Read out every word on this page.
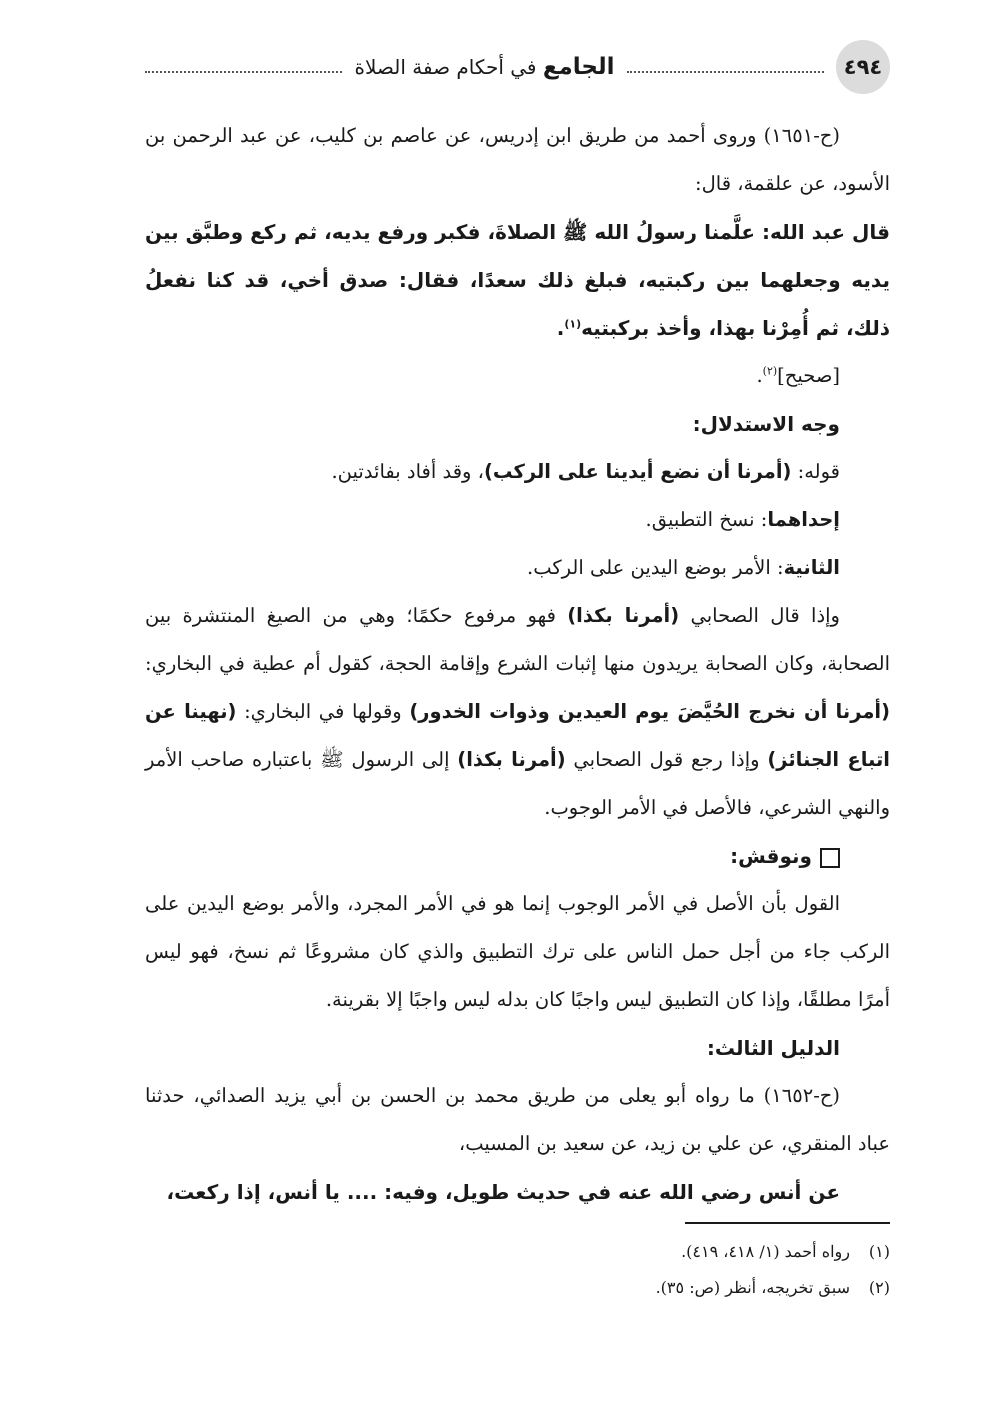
٤٩٤
الجامع ﻓﻲ أحكام صفة الصلاة

(ح-١٦٥١) وروى أحمد من طريق ابن إدريس، عن عاصم بن كليب، عن عبد الرحمن بن الأسود، عن علقمة، قال:

قال عبد الله: علَّمنا رسولُ الله ﷺ الصلاةَ، فكبر ورفع يديه، ثم ركع وطبَّق بين يديه وجعلهما بين ركبتيه، فبلغ ذلك سعدًا، فقال: صدق أخي، قد كنا نفعلُ ذلك، ثم أُمِرْنا بهذا، وأخذ بركبتيه$^{(١)}$.

[صحيح]$^{(٢)}$.

وجه الاستدلال:

قوله: (أمرنا أن نضع أيدينا على الركب)، وقد أفاد بفائدتين.

إحداهما: نسخ التطبيق.

الثانية: الأمر بوضع اليدين على الركب.

وإذا قال الصحابي (أمرنا بكذا) فهو مرفوع حكمًا؛ وهي من الصيغ المنتشرة بين الصحابة، وكان الصحابة يريدون منها إثبات الشرع وإقامة الحجة، كقول أم عطية في البخاري: (أمرنا أن نخرج الحُيَّضَ يوم العيدين وذوات الخدور) وقولها في البخاري: (نهينا عن اتباع الجنائز) وإذا رجع قول الصحابي (أمرنا بكذا) إلى الرسول ﷺ باعتباره صاحب الأمر والنهي الشرعي، فالأصل في الأمر الوجوب.

ونوقش:

القول بأن الأصل في الأمر الوجوب إنما هو في الأمر المجرد، والأمر بوضع اليدين على الركب جاء من أجل حمل الناس على ترك التطبيق والذي كان مشروعًا ثم نسخ، فهو ليس أمرًا مطلقًا، وإذا كان التطبيق ليس واجبًا كان بدله ليس واجبًا إلا بقرينة.

الدليل الثالث:

(ح-١٦٥٢) ما رواه أبو يعلى من طريق محمد بن الحسن بن أبي يزيد الصدائي، حدثنا عباد المنقري، عن علي بن زيد، عن سعيد بن المسيب،

عن أنس رضي الله عنه في حديث طويل، وفيه: .... يا أنس، إذا ركعت،

(١)رواه أحمد (١/ ٤١٨، ٤١٩).

(٢)سبق تخريجه، أنظر (ص: ٣٥).
